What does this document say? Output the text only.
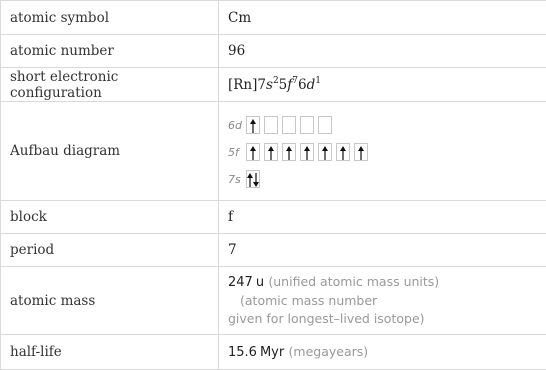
atomic symbol	Cm
atomic number	96
short electronic configuration	$[Rn]7s^25f^76d^1$
Aufbau diagram	6d
5f
7s

block	f
period	7
atomic mass	247 u (unified atomic mass units)
(atomic mass number
given for longest–lived isotope)

half-life	15.6 Myr (megayears)
